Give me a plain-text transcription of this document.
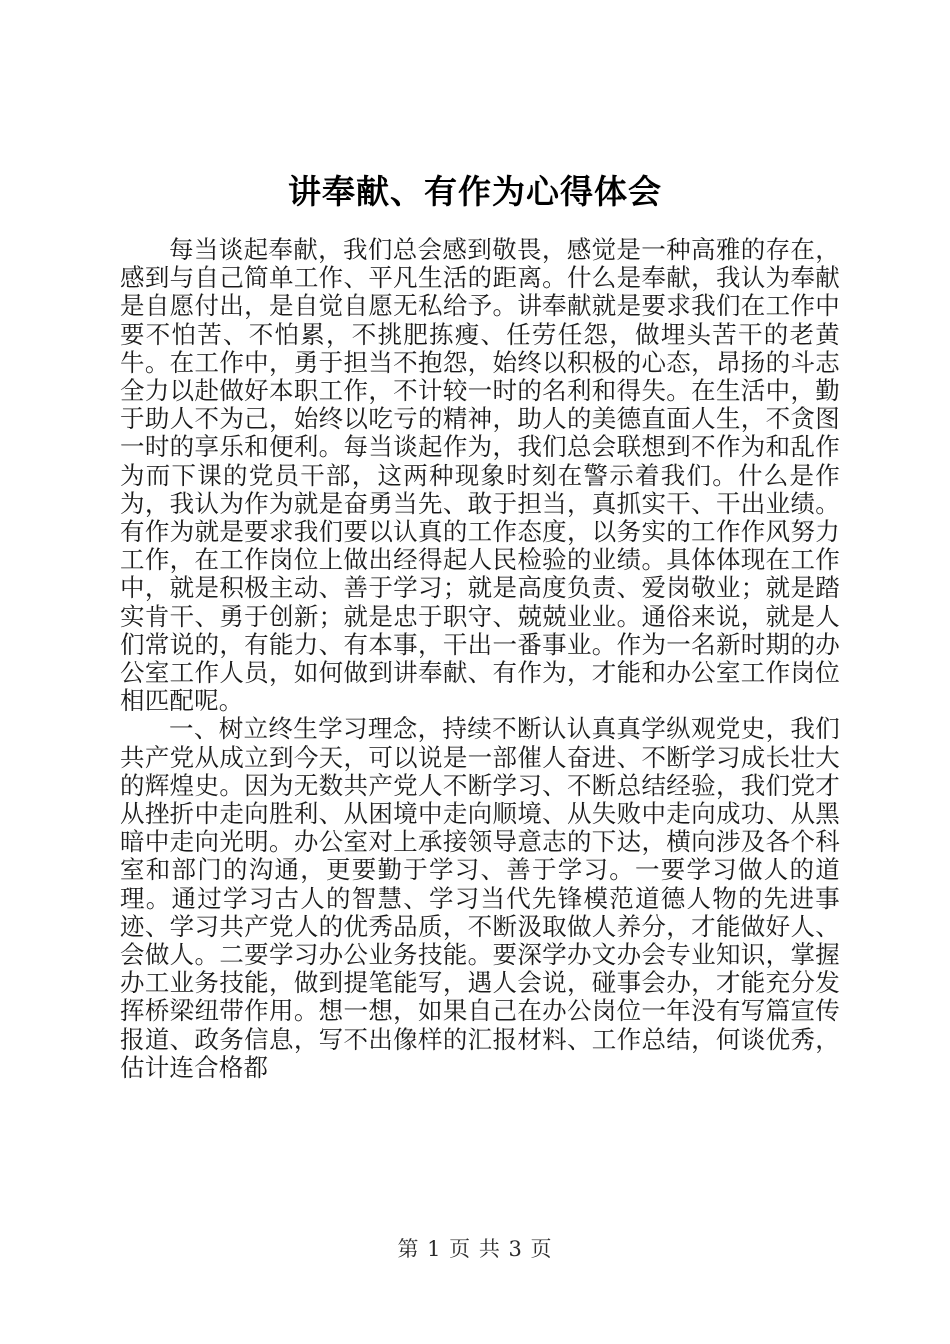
讲奉献、有作为心得体会

每当谈起奉献，我们总会感到敬畏，感觉是一种高雅的存在，感到与自己简单工作、平凡生活的距离。什么是奉献，我认为奉献是自愿付出，是自觉自愿无私给予。讲奉献就是要求我们在工作中要不怕苦、不怕累，不挑肥拣瘦、任劳任怨，做埋头苦干的老黄牛。在工作中，勇于担当不抱怨，始终以积极的心态，昂扬的斗志全力以赴做好本职工作，不计较一时的名利和得失。在生活中，勤于助人不为己，始终以吃亏的精神，助人的美德直面人生，不贪图一时的享乐和便利。每当谈起作为，我们总会联想到不作为和乱作为而下课的党员干部，这两种现象时刻在警示着我们。什么是作为，我认为作为就是奋勇当先、敢于担当，真抓实干、干出业绩。有作为就是要求我们要以认真的工作态度，以务实的工作作风努力工作，在工作岗位上做出经得起人民检验的业绩。具体体现在工作中，就是积极主动、善于学习；就是高度负责、爱岗敬业；就是踏实肯干、勇于创新；就是忠于职守、兢兢业业。通俗来说，就是人们常说的，有能力、有本事，干出一番事业。作为一名新时期的办公室工作人员，如何做到讲奉献、有作为，才能和办公室工作岗位相匹配呢。

一、树立终生学习理念，持续不断认认真真学纵观党史，我们共产党从成立到今天，可以说是一部催人奋进、不断学习成长壮大的辉煌史。因为无数共产党人不断学习、不断总结经验，我们党才从挫折中走向胜利、从困境中走向顺境、从失败中走向成功、从黑暗中走向光明。办公室对上承接领导意志的下达，横向涉及各个科室和部门的沟通，更要勤于学习、善于学习。一要学习做人的道理。通过学习古人的智慧、学习当代先锋模范道德人物的先进事迹、学习共产党人的优秀品质，不断汲取做人养分，才能做好人、会做人。二要学习办公业务技能。要深学办文办会专业知识，掌握办工业务技能，做到提笔能写，遇人会说，碰事会办，才能充分发挥桥梁纽带作用。想一想，如果自己在办公岗位一年没有写篇宣传报道、政务信息，写不出像样的汇报材料、工作总结，何谈优秀，估计连合格都

第 1 页 共 3 页
